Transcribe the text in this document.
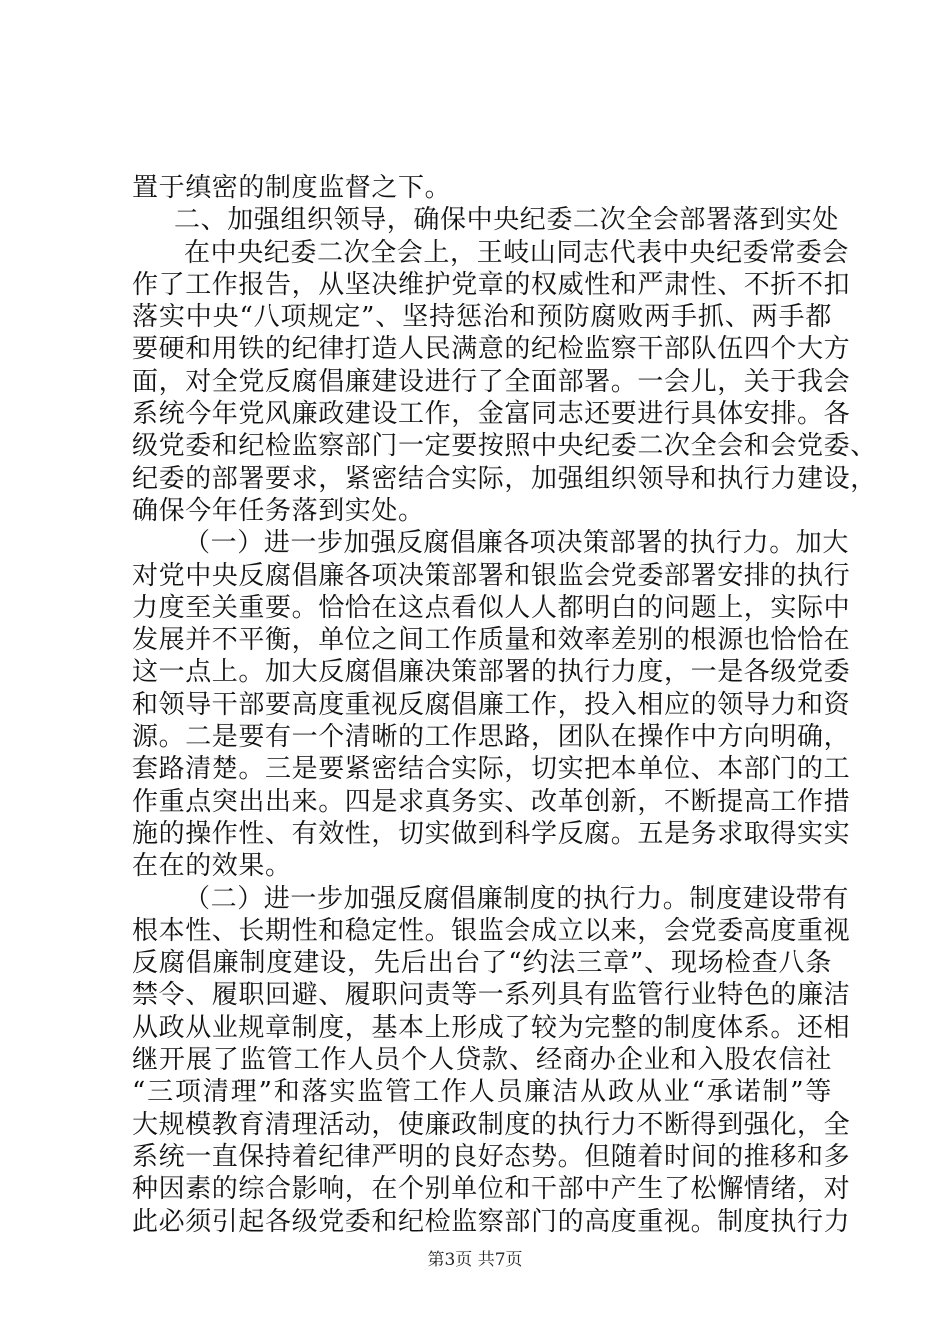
置于缜密的制度监督之下。
二、加强组织领导，确保中央纪委二次全会部署落到实处
在中央纪委二次全会上，王岐山同志代表中央纪委常委会
作了工作报告，从坚决维护党章的权威性和严肃性、不折不扣
落实中央“八项规定”、坚持惩治和预防腐败两手抓、两手都
要硬和用铁的纪律打造人民满意的纪检监察干部队伍四个大方
面，对全党反腐倡廉建设进行了全面部署。一会儿，关于我会
系统今年党风廉政建设工作，金富同志还要进行具体安排。各
级党委和纪检监察部门一定要按照中央纪委二次全会和会党委、
纪委的部署要求，紧密结合实际，加强组织领导和执行力建设，
确保今年任务落到实处。
（一）进一步加强反腐倡廉各项决策部署的执行力。加大
对党中央反腐倡廉各项决策部署和银监会党委部署安排的执行
力度至关重要。恰恰在这点看似人人都明白的问题上，实际中
发展并不平衡，单位之间工作质量和效率差别的根源也恰恰在
这一点上。加大反腐倡廉决策部署的执行力度，一是各级党委
和领导干部要高度重视反腐倡廉工作，投入相应的领导力和资
源。二是要有一个清晰的工作思路，团队在操作中方向明确，
套路清楚。三是要紧密结合实际，切实把本单位、本部门的工
作重点突出出来。四是求真务实、改革创新，不断提高工作措
施的操作性、有效性，切实做到科学反腐。五是务求取得实实
在在的效果。
（二）进一步加强反腐倡廉制度的执行力。制度建设带有
根本性、长期性和稳定性。银监会成立以来，会党委高度重视
反腐倡廉制度建设，先后出台了“约法三章”、现场检查八条
禁令、履职回避、履职问责等一系列具有监管行业特色的廉洁
从政从业规章制度，基本上形成了较为完整的制度体系。还相
继开展了监管工作人员个人贷款、经商办企业和入股农信社
“三项清理”和落实监管工作人员廉洁从政从业“承诺制”等
大规模教育清理活动，使廉政制度的执行力不断得到强化，全
系统一直保持着纪律严明的良好态势。但随着时间的推移和多
种因素的综合影响，在个别单位和干部中产生了松懈情绪，对
此必须引起各级党委和纪检监察部门的高度重视。制度执行力
第3页 共7页
